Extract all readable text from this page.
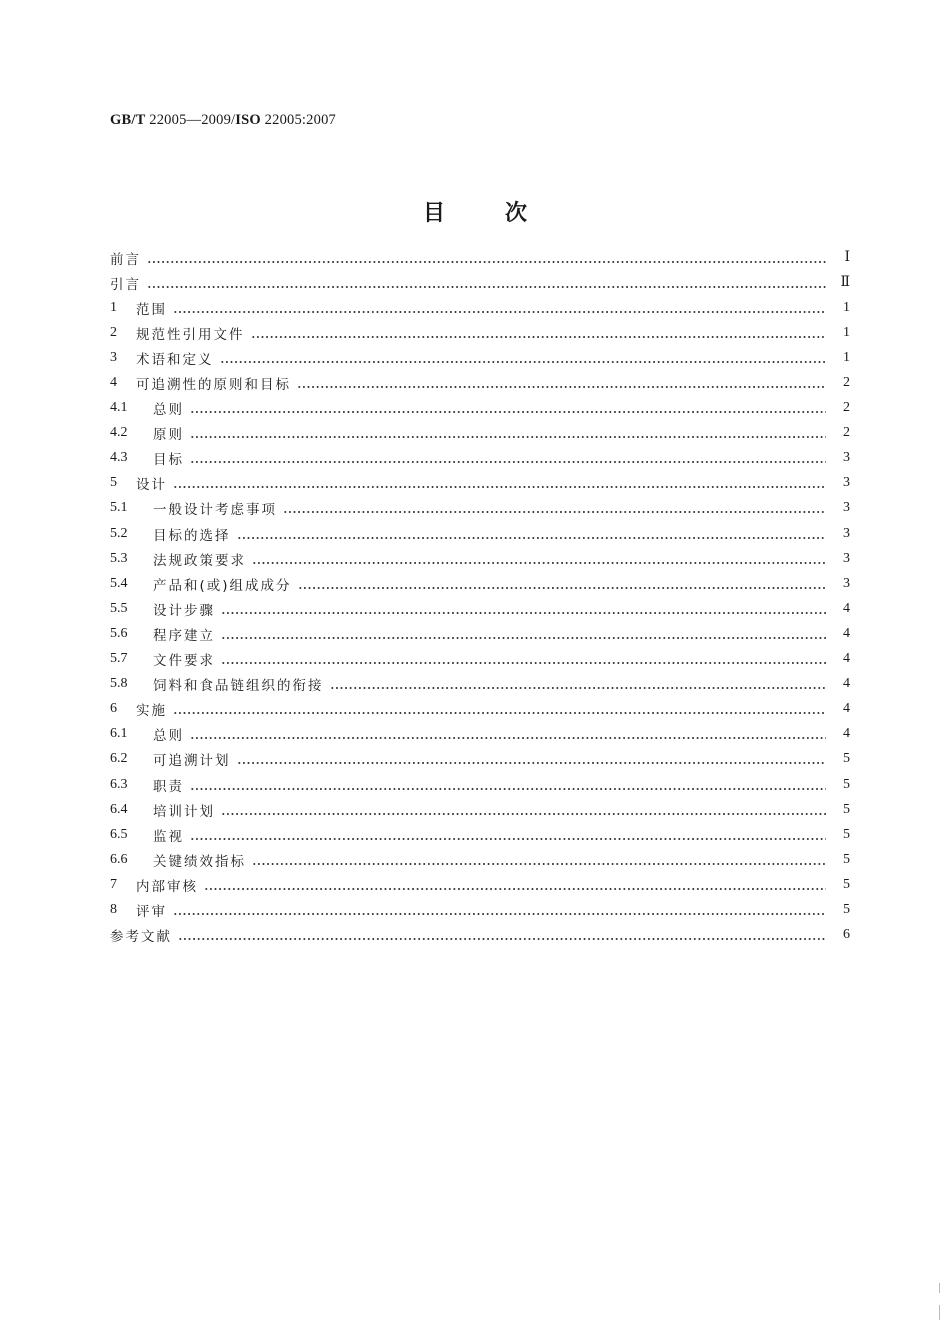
GB/T 22005—2009/ISO 22005:2007
目	次
前言	Ⅰ
引言	Ⅱ
1	范围	1
2	规范性引用文件	1
3	术语和定义	1
4	可追溯性的原则和目标	2
4.1	总则	2
4.2	原则	2
4.3	目标	3
5	设计	3
5.1	一般设计考虑事项	3
5.2	目标的选择	3
5.3	法规政策要求	3
5.4	产品和(或)组成成分	3
5.5	设计步骤	4
5.6	程序建立	4
5.7	文件要求	4
5.8	饲料和食品链组织的衔接	4
6	实施	4
6.1	总则	4
6.2	可追溯计划	5
6.3	职责	5
6.4	培训计划	5
6.5	监视	5
6.6	关键绩效指标	5
7	内部审核	5
8	评审	5
参考文献	6
